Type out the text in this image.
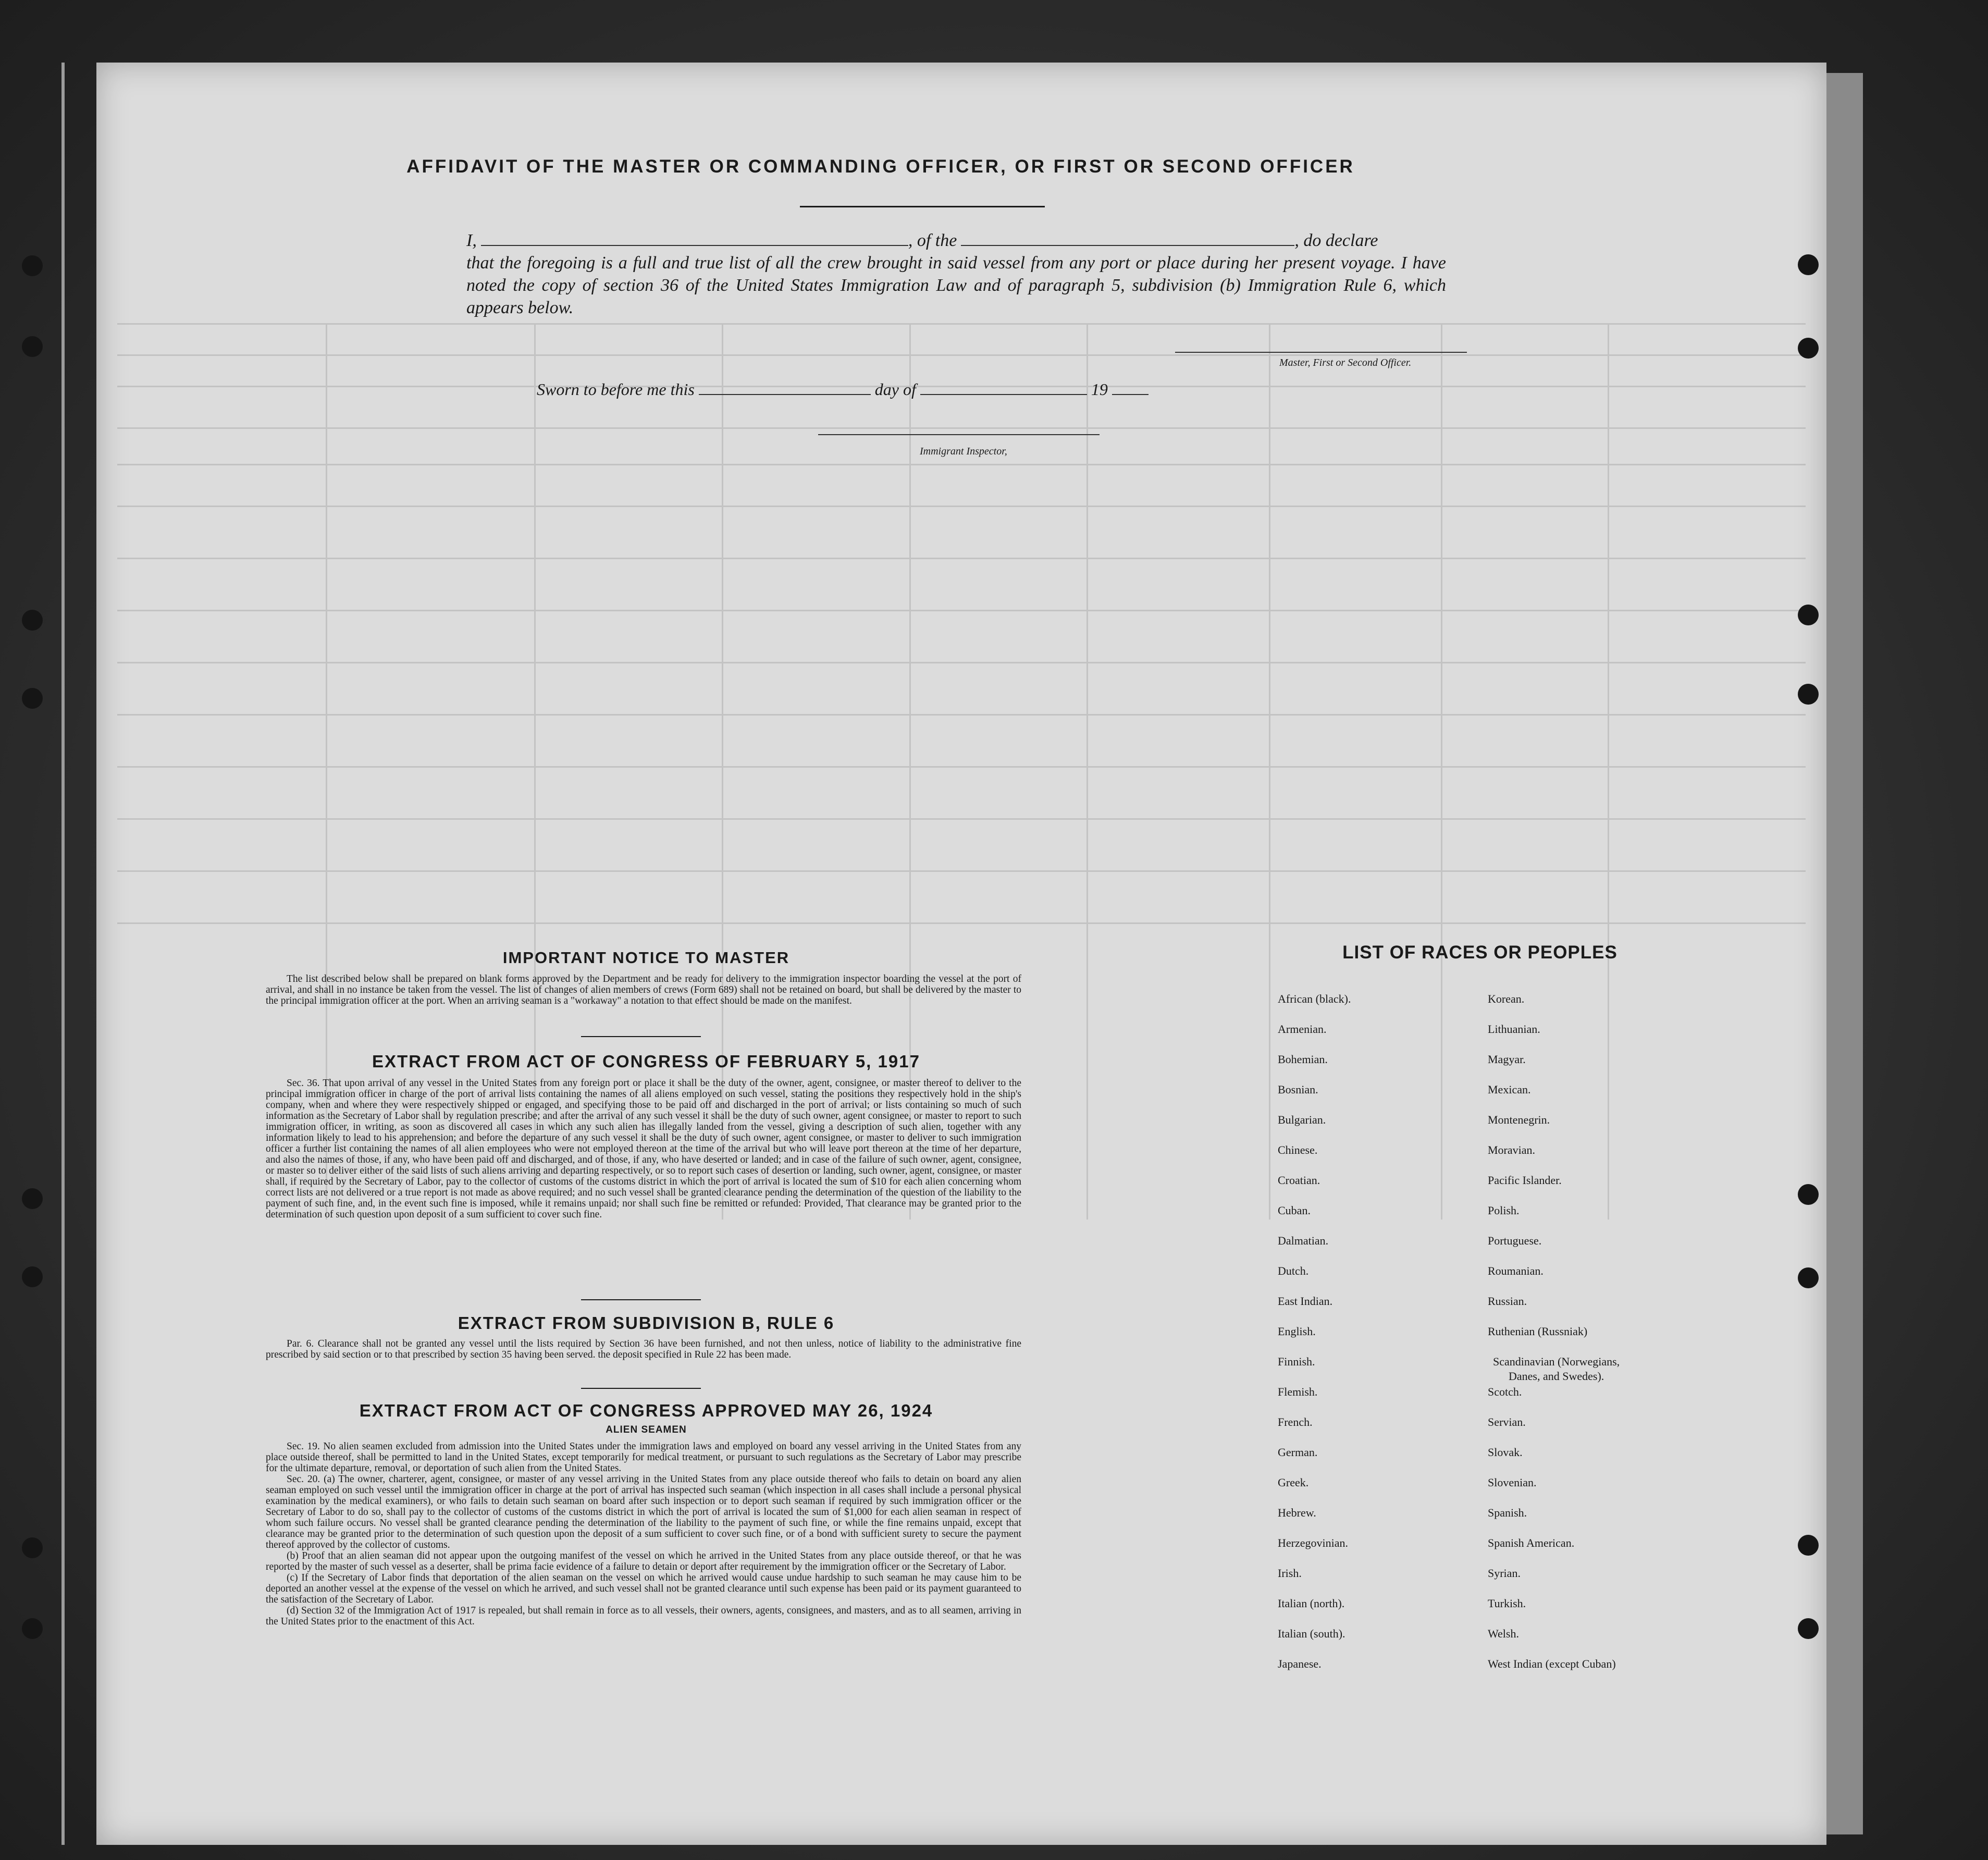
AFFIDAVIT OF THE MASTER OR COMMANDING OFFICER, OR FIRST OR SECOND OFFICER
I,	, of the	, do declare
that the foregoing is a full and true list of all the crew brought in said vessel from any port or place during her present voyage. I have noted the copy of section 36 of the United States Immigration Law and of paragraph 5, subdivision (b) Immigration Rule 6, which appears below.
Master, First or Second Officer.
Sworn to before me this	day of	19
Immigrant Inspector,
IMPORTANT NOTICE TO MASTER

The list described below shall be prepared on blank forms approved by the Department and be ready for delivery to the immigration inspector boarding the vessel at the port of arrival, and shall in no instance be taken from the vessel. The list of changes of alien members of crews (Form 689) shall not be retained on board, but shall be delivered by the master to the principal immigration officer at the port. When an arriving seaman is a "workaway" a notation to that effect should be made on the manifest.

EXTRACT FROM ACT OF CONGRESS OF FEBRUARY 5, 1917

Sec. 36. That upon arrival of any vessel in the United States from any foreign port or place it shall be the duty of the owner, agent, consignee, or master thereof to deliver to the principal immigration officer in charge of the port of arrival lists containing the names of all aliens employed on such vessel, stating the positions they respectively hold in the ship's company, when and where they were respectively shipped or engaged, and specifying those to be paid off and discharged in the port of arrival; or lists containing so much of such information as the Secretary of Labor shall by regulation prescribe; and after the arrival of any such vessel it shall be the duty of such owner, agent consignee, or master to report to such immigration officer, in writing, as soon as discovered all cases in which any such alien has illegally landed from the vessel, giving a description of such alien, together with any information likely to lead to his apprehension; and before the departure of any such vessel it shall be the duty of such owner, agent consignee, or master to deliver to such immigration officer a further list containing the names of all alien employees who were not employed thereon at the time of the arrival but who will leave port thereon at the time of her departure, and also the names of those, if any, who have been paid off and discharged, and of those, if any, who have deserted or landed; and in case of the failure of such owner, agent, consignee, or master so to deliver either of the said lists of such aliens arriving and departing respectively, or so to report such cases of desertion or landing, such owner, agent, consignee, or master shall, if required by the Secretary of Labor, pay to the collector of customs of the customs district in which the port of arrival is located the sum of $10 for each alien concerning whom correct lists are not delivered or a true report is not made as above required; and no such vessel shall be granted clearance pending the determination of the question of the liability to the payment of such fine, and, in the event such fine is imposed, while it remains unpaid; nor shall such fine be remitted or refunded: Provided, That clearance may be granted prior to the determination of such question upon deposit of a sum sufficient to cover such fine.

EXTRACT FROM SUBDIVISION B, RULE 6

Par. 6. Clearance shall not be granted any vessel until the lists required by Section 36 have been furnished, and not then unless, notice of liability to the administrative fine prescribed by said section or to that prescribed by section 35 having been served. the deposit specified in Rule 22 has been made.

EXTRACT FROM ACT OF CONGRESS APPROVED MAY 26, 1924
ALIEN SEAMEN

Sec. 19. No alien seamen excluded from admission into the United States under the immigration laws and employed on board any vessel arriving in the United States from any place outside thereof, shall be permitted to land in the United States, except temporarily for medical treatment, or pursuant to such regulations as the Secretary of Labor may prescribe for the ultimate departure, removal, or deportation of such alien from the United States.

Sec. 20. (a) The owner, charterer, agent, consignee, or master of any vessel arriving in the United States from any place outside thereof who fails to detain on board any alien seaman employed on such vessel until the immigration officer in charge at the port of arrival has inspected such seaman (which inspection in all cases shall include a personal physical examination by the medical examiners), or who fails to detain such seaman on board after such inspection or to deport such seaman if required by such immigration officer or the Secretary of Labor to do so, shall pay to the collector of customs of the customs district in which the port of arrival is located the sum of $1,000 for each alien seaman in respect of whom such failure occurs. No vessel shall be granted clearance pending the determination of the liability to the payment of such fine, or while the fine remains unpaid, except that clearance may be granted prior to the determination of such question upon the deposit of a sum sufficient to cover such fine, or of a bond with sufficient surety to secure the payment thereof approved by the collector of customs.

(b) Proof that an alien seaman did not appear upon the outgoing manifest of the vessel on which he arrived in the United States from any place outside thereof, or that he was reported by the master of such vessel as a deserter, shall be prima facie evidence of a failure to detain or deport after requirement by the immigration officer or the Secretary of Labor.

(c) If the Secretary of Labor finds that deportation of the alien seaman on the vessel on which he arrived would cause undue hardship to such seaman he may cause him to be deported an another vessel at the expense of the vessel on which he arrived, and such vessel shall not be granted clearance until such expense has been paid or its payment guaranteed to the satisfaction of the Secretary of Labor.

(d) Section 32 of the Immigration Act of 1917 is repealed, but shall remain in force as to all vessels, their owners, agents, consignees, and masters, and as to all seamen, arriving in the United States prior to the enactment of this Act.

LIST OF RACES OR PEOPLES
African (black).
Armenian.
Bohemian.
Bosnian.
Bulgarian.
Chinese.
Croatian.
Cuban.
Dalmatian.
Dutch.
East Indian.
English.
Finnish.
Flemish.
French.
German.
Greek.
Hebrew.
Herzegovinian.
Irish.
Italian (north).
Italian (south).
Japanese.
Korean.
Lithuanian.
Magyar.
Mexican.
Montenegrin.
Moravian.
Pacific Islander.
Polish.
Portuguese.
Roumanian.
Russian.
Ruthenian (Russniak)
Scandinavian (Norwegians,
Danes, and Swedes).
Scotch.
Servian.
Slovak.
Slovenian.
Spanish.
Spanish American.
Syrian.
Turkish.
Welsh.
West Indian (except Cuban)
